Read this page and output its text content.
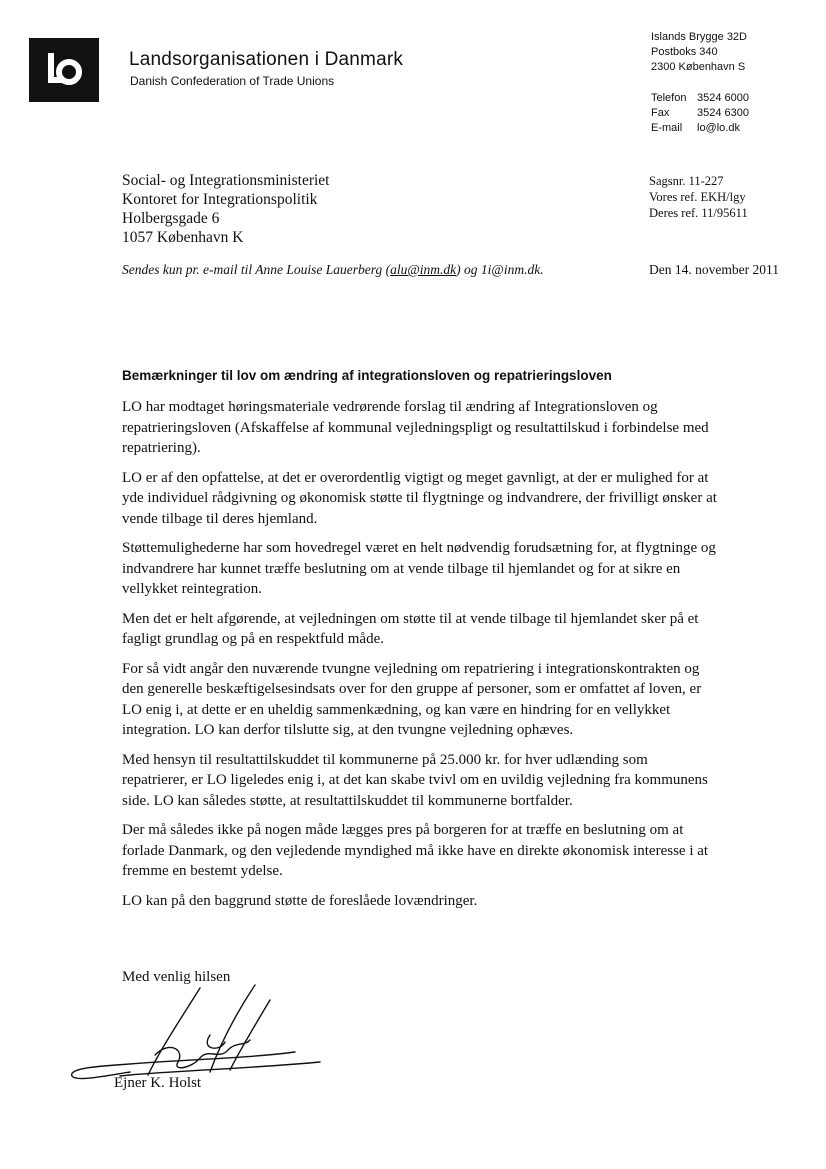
Landsorganisationen i Danmark
Danish Confederation of Trade Unions
Islands Brygge 32D
Postboks 340
2300 København S
Telefon 3524 6000
Fax	3524 6300
E-mail lo@lo.dk
Social- og Integrationsministeriet
Kontoret for Integrationspolitik
Holbergsgade 6
1057 København K
Sagsnr. 11-227
Vores ref. EKH/lgy
Deres ref. 11/95611
Sendes kun pr. e-mail til Anne Louise Lauerberg (alu@inm.dk) og 1i@inm.dk.	Den 14. november 2011
Bemærkninger til lov om ændring af integrationsloven og repatrieringsloven

LO har modtaget høringsmateriale vedrørende forslag til ændring af Integrationsloven og repatrieringsloven (Afskaffelse af kommunal vejledningspligt og resultattilskud i forbindelse med repatriering).

LO er af den opfattelse, at det er overordentlig vigtigt og meget gavnligt, at der er mulighed for at yde individuel rådgivning og økonomisk støtte til flygtninge og indvandrere, der frivilligt ønsker at vende tilbage til deres hjemland.

Støttemulighederne har som hovedregel været en helt nødvendig forudsætning for, at flygtninge og indvandrere har kunnet træffe beslutning om at vende tilbage til hjemlandet og for at sikre en vellykket reintegration.

Men det er helt afgørende, at vejledningen om støtte til at vende tilbage til hjemlandet sker på et fagligt grundlag og på en respektfuld måde.

For så vidt angår den nuværende tvungne vejledning om repatriering i integrationskontrakten og den generelle beskæftigelsesindsats over for den gruppe af personer, som er omfattet af loven, er LO enig i, at dette er en uheldig sammenkædning, og kan være en hindring for en vellykket integration. LO kan derfor tilslutte sig, at den tvungne vejledning ophæves.

Med hensyn til resultattilskuddet til kommunerne på 25.000 kr. for hver udlænding som repatrierer, er LO ligeledes enig i, at det kan skabe tvivl om en uvildig vejledning fra kommunens side. LO kan således støtte, at resultattilskuddet til kommunerne bortfalder.

Der må således ikke på nogen måde lægges pres på borgeren for at træffe en beslutning om at forlade Danmark, og den vejledende myndighed må ikke have en direkte økonomisk interesse i at fremme en bestemt ydelse.

LO kan på den baggrund støtte de foreslåede lovændringer.

Med venlig hilsen
Ejner K. Holst
